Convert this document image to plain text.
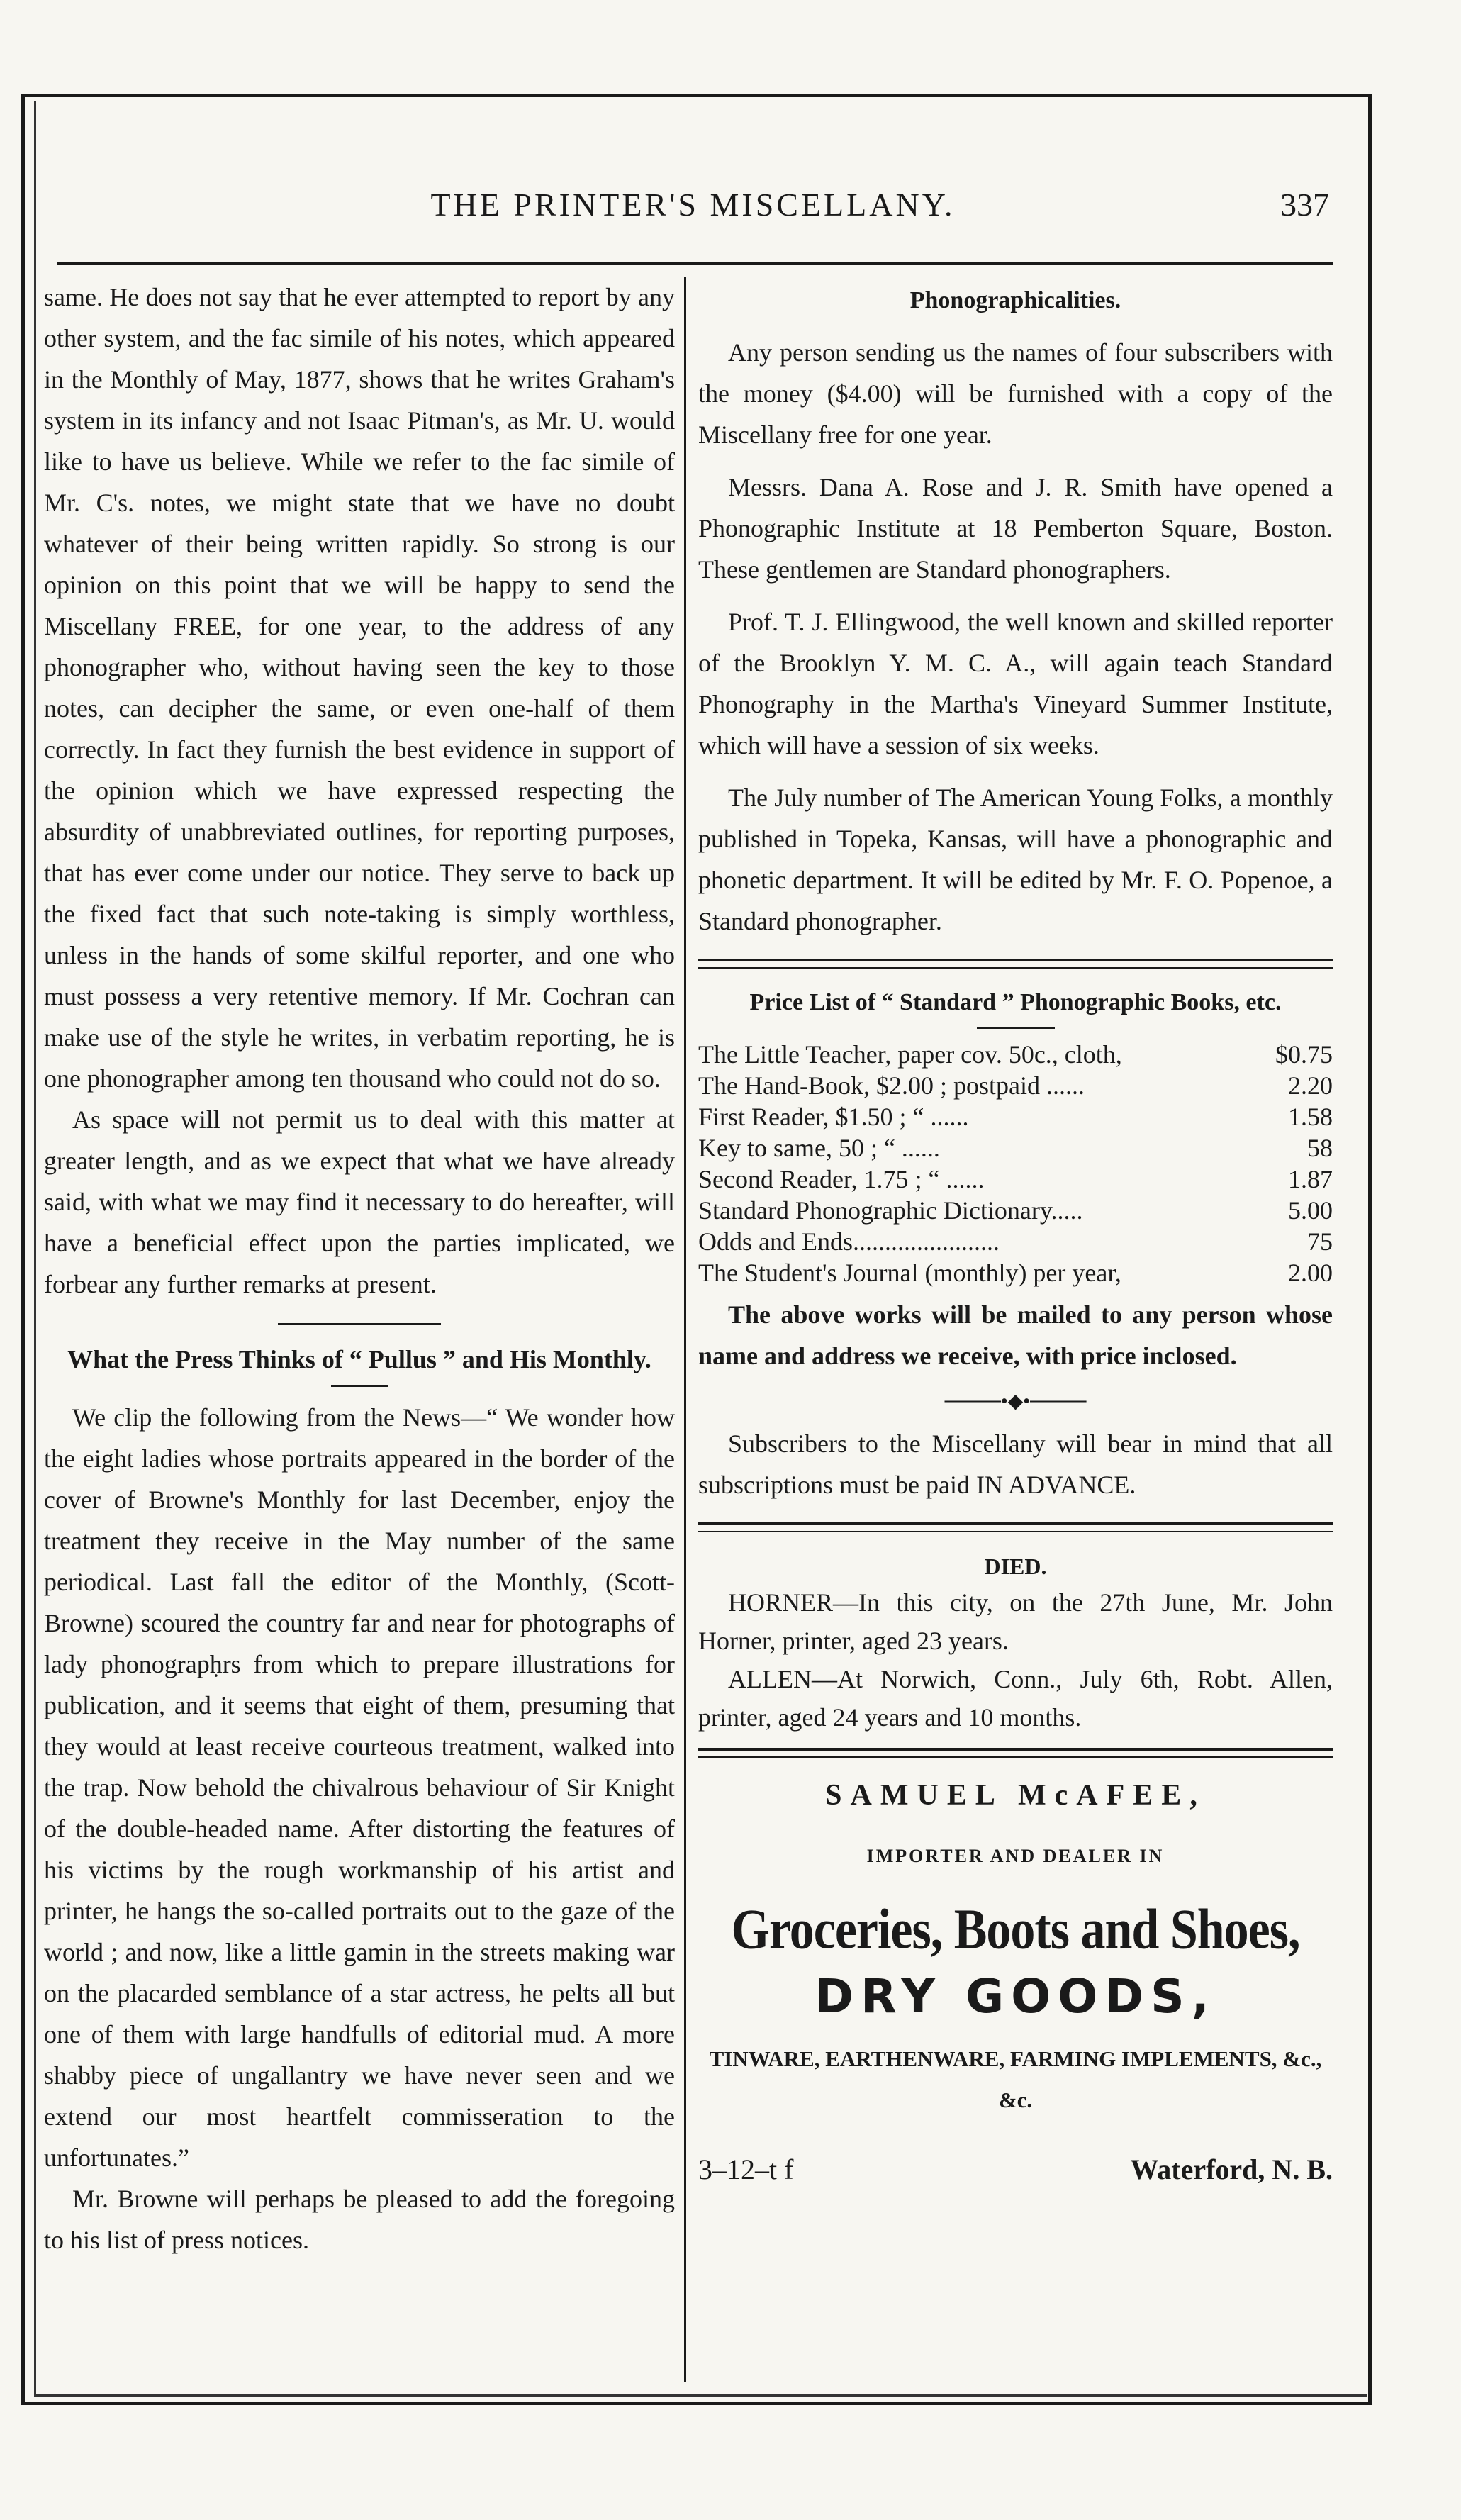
THE PRINTER'S MISCELLANY.	337

same. He does not say that he ever attempted to report by any other system, and the fac simile of his notes, which appeared in the Monthly of May, 1877, shows that he writes Graham's system in its infancy and not Isaac Pitman's, as Mr. U. would like to have us believe. While we refer to the fac simile of Mr. C's. notes, we might state that we have no doubt whatever of their being written rapidly. So strong is our opinion on this point that we will be happy to send the Miscellany FREE, for one year, to the address of any phonographer who, without having seen the key to those notes, can decipher the same, or even one-half of them correctly. In fact they furnish the best evidence in support of the opinion which we have expressed respecting the absurdity of unabbreviated outlines, for reporting purposes, that has ever come under our notice. They serve to back up the fixed fact that such note-taking is simply worthless, unless in the hands of some skilful reporter, and one who must possess a very retentive memory. If Mr. Cochran can make use of the style he writes, in verbatim reporting, he is one phonographer among ten thousand who could not do so.

As space will not permit us to deal with this matter at greater length, and as we expect that what we have already said, with what we may find it necessary to do hereafter, will have a beneficial effect upon the parties implicated, we forbear any further remarks at present.

What the Press Thinks of “ Pullus ” and His Monthly.

We clip the following from the News—“ We wonder how the eight ladies whose portraits appeared in the border of the cover of Browne's Monthly for last December, enjoy the treatment they receive in the May number of the same periodical. Last fall the editor of the Monthly, (Scott-Browne) scoured the country far and near for photographs of lady phonograpḥrs from which to prepare illustrations for publication, and it seems that eight of them, presuming that they would at least receive courteous treatment, walked into the trap. Now behold the chivalrous behaviour of Sir Knight of the double-headed name. After distorting the features of his victims by the rough workmanship of his artist and printer, he hangs the so-called portraits out to the gaze of the world ; and now, like a little gamin in the streets making war on the placarded semblance of a star actress, he pelts all but one of them with large handfulls of editorial mud. A more shabby piece of ungallantry we have never seen and we extend our most heartfelt commisseration to the unfortunates.”

Mr. Browne will perhaps be pleased to add the foregoing to his list of press notices.

Phonographicalities.

Any person sending us the names of four subscribers with the money ($4.00) will be furnished with a copy of the Miscellany free for one year.

Messrs. Dana A. Rose and J. R. Smith have opened a Phonographic Institute at 18 Pemberton Square, Boston. These gentlemen are Standard phonographers.

Prof. T. J. Ellingwood, the well known and skilled reporter of the Brooklyn Y. M. C. A., will again teach Standard Phonography in the Martha's Vineyard Summer Institute, which will have a session of six weeks.

The July number of The American Young Folks, a monthly published in Topeka, Kansas, will have a phonographic and phonetic department. It will be edited by Mr. F. O. Popenoe, a Standard phonographer.

Price List of “ Standard ” Phonographic Books, etc.
The Little Teacher, paper cov. 50c., cloth,	$0.75
The Hand-Book, $2.00 ; postpaid ......	2.20
First Reader, $1.50 ; “ ......	1.58
Key to same, 50 ; “ ......	58
Second Reader, 1.75 ; “ ......	1.87
Standard Phonographic Dictionary.....	5.00
Odds and Ends.......................	75
The Student's Journal (monthly) per year,	2.00

The above works will be mailed to any person whose name and address we receive, with price inclosed.

────•◆•────

Subscribers to the Miscellany will bear in mind that all subscriptions must be paid IN ADVANCE.

DIED.

HORNER—In this city, on the 27th June, Mr. John Horner, printer, aged 23 years.

ALLEN—At Norwich, Conn., July 6th, Robt. Allen, printer, aged 24 years and 10 months.

SAMUEL McAFEE,
IMPORTER AND DEALER IN
Groceries, Boots and Shoes,
DRY GOODS,
TINWARE, EARTHENWARE, FARMING IMPLEMENTS, &c., &c.
3–12–t f	Waterford, N. B.
